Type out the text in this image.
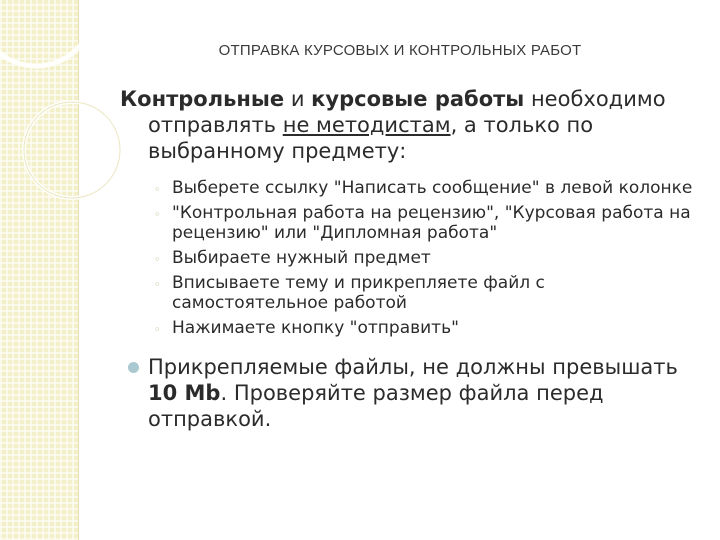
ОТПРАВКА КУРСОВЫХ И КОНТРОЛЬНЫХ РАБОТ

Контрольные и курсовые работы необходимо отправлять не методистам, а только по выбранному предмету:

◦ Выберете ссылку "Написать сообщение" в левой колонке
◦ "Контрольная работа на рецензию", "Курсовая работа на рецензию" или "Дипломная работа"
◦ Выбираете нужный предмет
◦ Вписываете тему и прикрепляете файл с самостоятельное работой
◦ Нажимаете кнопку "отправить"
Прикрепляемые файлы, не должны превышать 10 Mb. Проверяйте размер файла перед отправкой.
